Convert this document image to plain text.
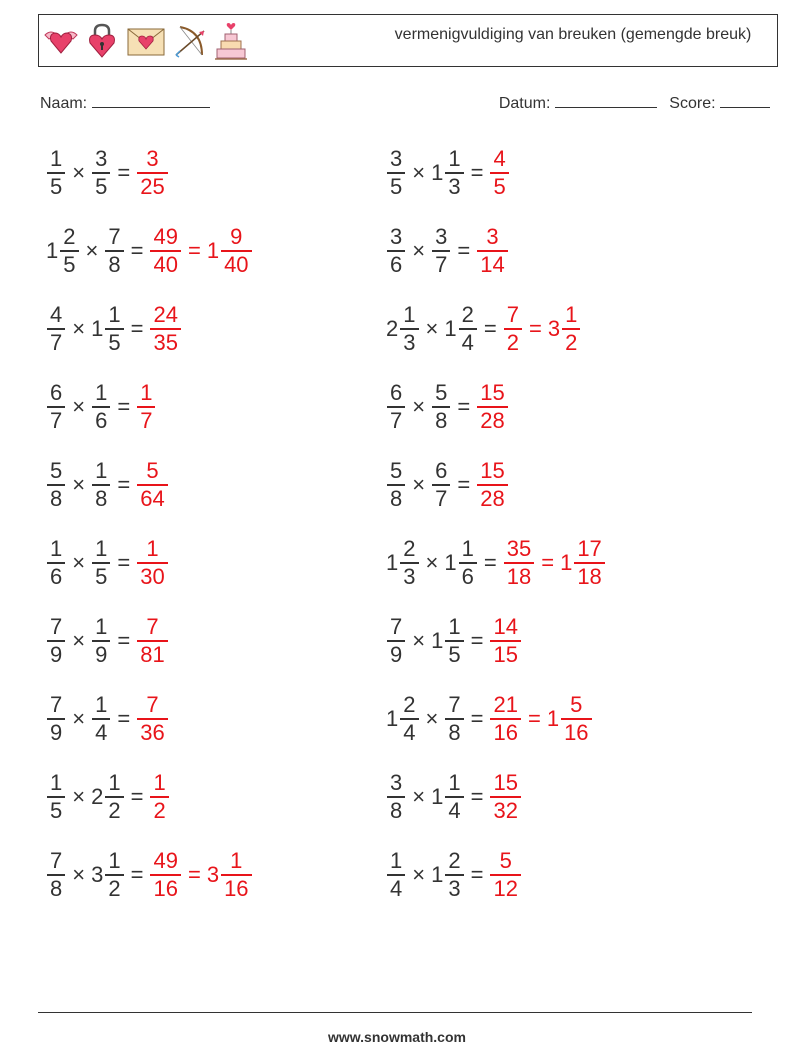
vermenigvuldiging van breuken (gemengde breuk)
Naam:	Datum:	Score:
$\frac{1}{5} \times \frac{3}{5} = \frac{3}{25}$	$\frac{3}{5} \times 1 \frac{1}{3} = \frac{4}{5}$
$1 \frac{2}{5} \times \frac{7}{8} = \frac{49}{40} = 1 \frac{9}{40}$	$\frac{3}{6} \times \frac{3}{7} = \frac{3}{14}$
$\frac{4}{7} \times 1 \frac{1}{5} = \frac{24}{35}$	$2 \frac{1}{3} \times 1 \frac{2}{4} = \frac{7}{2} = 3 \frac{1}{2}$
$\frac{6}{7} \times \frac{1}{6} = \frac{1}{7}$	$\frac{6}{7} \times \frac{5}{8} = \frac{15}{28}$
$\frac{5}{8} \times \frac{1}{8} = \frac{5}{64}$	$\frac{5}{8} \times \frac{6}{7} = \frac{15}{28}$
$\frac{1}{6} \times \frac{1}{5} = \frac{1}{30}$	$1 \frac{2}{3} \times 1 \frac{1}{6} = \frac{35}{18} = 1 \frac{17}{18}$
$\frac{7}{9} \times \frac{1}{9} = \frac{7}{81}$	$\frac{7}{9} \times 1 \frac{1}{5} = \frac{14}{15}$
$\frac{7}{9} \times \frac{1}{4} = \frac{7}{36}$	$1 \frac{2}{4} \times \frac{7}{8} = \frac{21}{16} = 1 \frac{5}{16}$
$\frac{1}{5} \times 2 \frac{1}{2} = \frac{1}{2}$	$\frac{3}{8} \times 1 \frac{1}{4} = \frac{15}{32}$
$\frac{7}{8} \times 3 \frac{1}{2} = \frac{49}{16} = 3 \frac{1}{16}$	$\frac{1}{4} \times 1 \frac{2}{3} = \frac{5}{12}$
www.snowmath.com
